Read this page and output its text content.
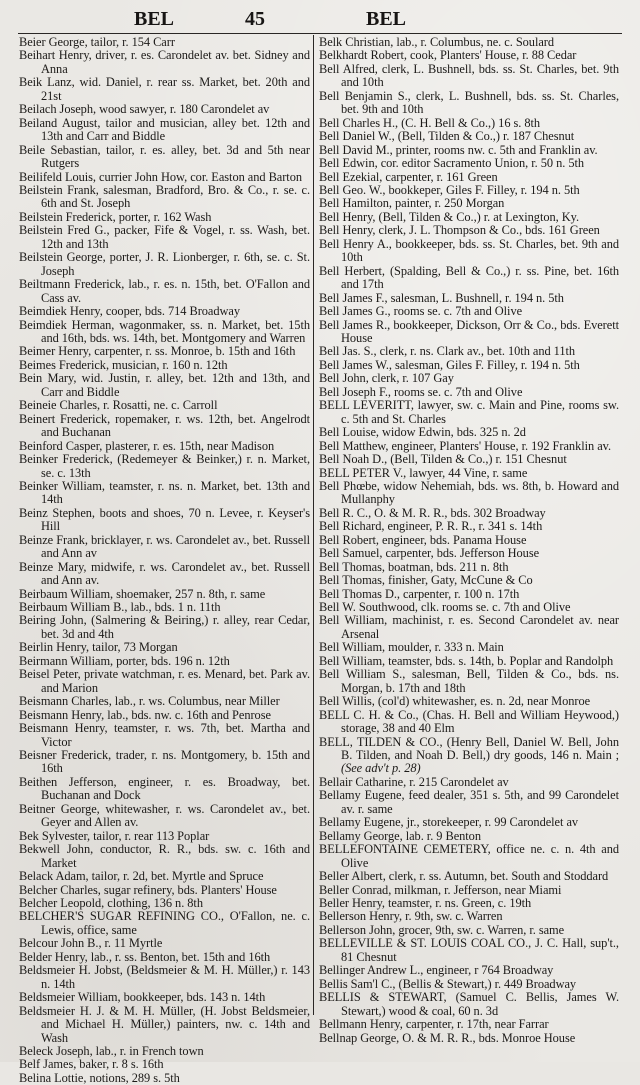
BEL	45	BEL
Beier George, tailor, r. 154 Carr
Beihart Henry, driver, r. es. Carondelet av. bet. Sidney and Anna
Beik Lanz, wid. Daniel, r. rear ss. Market, bet. 20th and 21st
Beilach Joseph, wood sawyer, r. 180 Carondelet av
Beiland August, tailor and musician, alley bet. 12th and 13th and Carr and Biddle
Beile Sebastian, tailor, r. es. alley, bet. 3d and 5th near Rutgers
Beilifeld Louis, currier John How, cor. Easton and Barton
Beilstein Frank, salesman, Bradford, Bro. & Co., r. se. c. 6th and St. Joseph
Beilstein Frederick, porter, r. 162 Wash
Beilstein Fred G., packer, Fife & Vogel, r. ss. Wash, bet. 12th and 13th
Beilstein George, porter, J. R. Lionberger, r. 6th, se. c. St. Joseph
Beiltmann Frederick, lab., r. es. n. 15th, bet. O'Fallon and Cass av.
Beimdiek Henry, cooper, bds. 714 Broadway
Beimdiek Herman, wagonmaker, ss. n. Market, bet. 15th and 16th, bds. ws. 14th, bet. Montgomery and Warren
Beimer Henry, carpenter, r. ss. Monroe, b. 15th and 16th
Beimes Frederick, musician, r. 160 n. 12th
Bein Mary, wid. Justin, r. alley, bet. 12th and 13th, and Carr and Biddle
Beineie Charles, r. Rosatti, ne. c. Carroll
Beinert Frederick, ropemaker, r. ws. 12th, bet. Angelrodt and Buchanan
Beinford Casper, plasterer, r. es. 15th, near Madison
Beinker Frederick, (Redemeyer & Beinker,) r. n. Market, se. c. 13th
Beinker William, teamster, r. ns. n. Market, bet. 13th and 14th
Beinz Stephen, boots and shoes, 70 n. Levee, r. Keyser's Hill
Beinze Frank, bricklayer, r. ws. Carondelet av., bet. Russell and Ann av
Beinze Mary, midwife, r. ws. Carondelet av., bet. Russell and Ann av.
Beirbaum William, shoemaker, 257 n. 8th, r. same
Beirbaum William B., lab., bds. 1 n. 11th
Beiring John, (Salmering & Beiring,) r. alley, rear Cedar, bet. 3d and 4th
Beirlin Henry, tailor, 73 Morgan
Beirmann William, porter, bds. 196 n. 12th
Beisel Peter, private watchman, r. es. Menard, bet. Park av. and Marion
Beismann Charles, lab., r. ws. Columbus, near Miller
Beismann Henry, lab., bds. nw. c. 16th and Penrose
Beismann Henry, teamster, r. ws. 7th, bet. Martha and Victor
Beisner Frederick, trader, r. ns. Montgomery, b. 15th and 16th
Beithen Jefferson, engineer, r. es. Broadway, bet. Buchanan and Dock
Beitner George, whitewasher, r. ws. Carondelet av., bet. Geyer and Allen av.
Bek Sylvester, tailor, r. rear 113 Poplar
Bekwell John, conductor, R. R., bds. sw. c. 16th and Market
Belack Adam, tailor, r. 2d, bet. Myrtle and Spruce
Belcher Charles, sugar refinery, bds. Planters' House
Belcher Leopold, clothing, 136 n. 8th
BELCHER'S SUGAR REFINING CO., O'Fallon, ne. c. Lewis, office, same
Belcour John B., r. 11 Myrtle
Belder Henry, lab., r. ss. Benton, bet. 15th and 16th
Beldsmeier H. Jobst, (Beldsmeier & M. H. Müller,) r. 143 n. 14th
Beldsmeier William, bookkeeper, bds. 143 n. 14th
Beldsmeier H. J. & M. H. Müller, (H. Jobst Beldsmeier, and Michael H. Müller,) painters, nw. c. 14th and Wash
Beleck Joseph, lab., r. in French town
Belf James, baker, r. 8 s. 16th
Belina Lottie, notions, 289 s. 5th
Belk Christian, lab., r. Columbus, ne. c. Soulard
Belkhardt Robert, cook, Planters' House, r. 88 Cedar
Bell Alfred, clerk, L. Bushnell, bds. ss. St. Charles, bet. 9th and 10th
Bell Benjamin S., clerk, L. Bushnell, bds. ss. St. Charles, bet. 9th and 10th
Bell Charles H., (C. H. Bell & Co.,) 16 s. 8th
Bell Daniel W., (Bell, Tilden & Co.,) r. 187 Chesnut
Bell David M., printer, rooms nw. c. 5th and Franklin av.
Bell Edwin, cor. editor Sacramento Union, r. 50 n. 5th
Bell Ezekial, carpenter, r. 161 Green
Bell Geo. W., bookkeper, Giles F. Filley, r. 194 n. 5th
Bell Hamilton, painter, r. 250 Morgan
Bell Henry, (Bell, Tilden & Co.,) r. at Lexington, Ky.
Bell Henry, clerk, J. L. Thompson & Co., bds. 161 Green
Bell Henry A., bookkeeper, bds. ss. St. Charles, bet. 9th and 10th
Bell Herbert, (Spalding, Bell & Co.,) r. ss. Pine, bet. 16th and 17th
Bell James F., salesman, L. Bushnell, r. 194 n. 5th
Bell James G., rooms se. c. 7th and Olive
Bell James R., bookkeeper, Dickson, Orr & Co., bds. Everett House
Bell Jas. S., clerk, r. ns. Clark av., bet. 10th and 11th
Bell James W., salesman, Giles F. Filley, r. 194 n. 5th
Bell John, clerk, r. 107 Gay
Bell Joseph F., rooms se. c. 7th and Olive
BELL LEVERITT, lawyer, sw. c. Main and Pine, rooms sw. c. 5th and St. Charles
Bell Louise, widow Edwin, bds. 325 n. 2d
Bell Matthew, engineer, Planters' House, r. 192 Franklin av.
Bell Noah D., (Bell, Tilden & Co.,) r. 151 Chesnut
BELL PETER V., lawyer, 44 Vine, r. same
Bell Phœbe, widow Nehemiah, bds. ws. 8th, b. Howard and Mullanphy
Bell R. C., O. & M. R. R., bds. 302 Broadway
Bell Richard, engineer, P. R. R., r. 341 s. 14th
Bell Robert, engineer, bds. Panama House
Bell Samuel, carpenter, bds. Jefferson House
Bell Thomas, boatman, bds. 211 n. 8th
Bell Thomas, finisher, Gaty, McCune & Co
Bell Thomas D., carpenter, r. 100 n. 17th
Bell W. Southwood, clk. rooms se. c. 7th and Olive
Bell William, machinist, r. es. Second Carondelet av. near Arsenal
Bell William, moulder, r. 333 n. Main
Bell William, teamster, bds. s. 14th, b. Poplar and Randolph
Bell William S., salesman, Bell, Tilden & Co., bds. ns. Morgan, b. 17th and 18th
Bell Willis, (col'd) whitewasher, es. n. 2d, near Monroe
BELL C. H. & Co., (Chas. H. Bell and William Heywood,) storage, 38 and 40 Elm
BELL, TILDEN & CO., (Henry Bell, Daniel W. Bell, John B. Tilden, and Noah D. Bell,) dry goods, 146 n. Main ; (See adv't p. 28)
Bellair Catharine, r. 215 Carondelet av
Bellamy Eugene, feed dealer, 351 s. 5th, and 99 Carondelet av. r. same
Bellamy Eugene, jr., storekeeper, r. 99 Carondelet av
Bellamy George, lab. r. 9 Benton
BELLEFONTAINE CEMETERY, office ne. c. n. 4th and Olive
Beller Albert, clerk, r. ss. Autumn, bet. South and Stoddard
Beller Conrad, milkman, r. Jefferson, near Miami
Beller Henry, teamster, r. ns. Green, c. 19th
Bellerson Henry, r. 9th, sw. c. Warren
Bellerson John, grocer, 9th, sw. c. Warren, r. same
BELLEVILLE & ST. LOUIS COAL CO., J. C. Hall, sup't., 81 Chesnut
Bellinger Andrew L., engineer, r 764 Broadway
Bellis Sam'l C., (Bellis & Stewart,) r. 449 Broadway
BELLIS & STEWART, (Samuel C. Bellis, James W. Stewart,) wood & coal, 60 n. 3d
Bellmann Henry, carpenter, r. 17th, near Farrar
Bellnap George, O. & M. R. R., bds. Monroe House
